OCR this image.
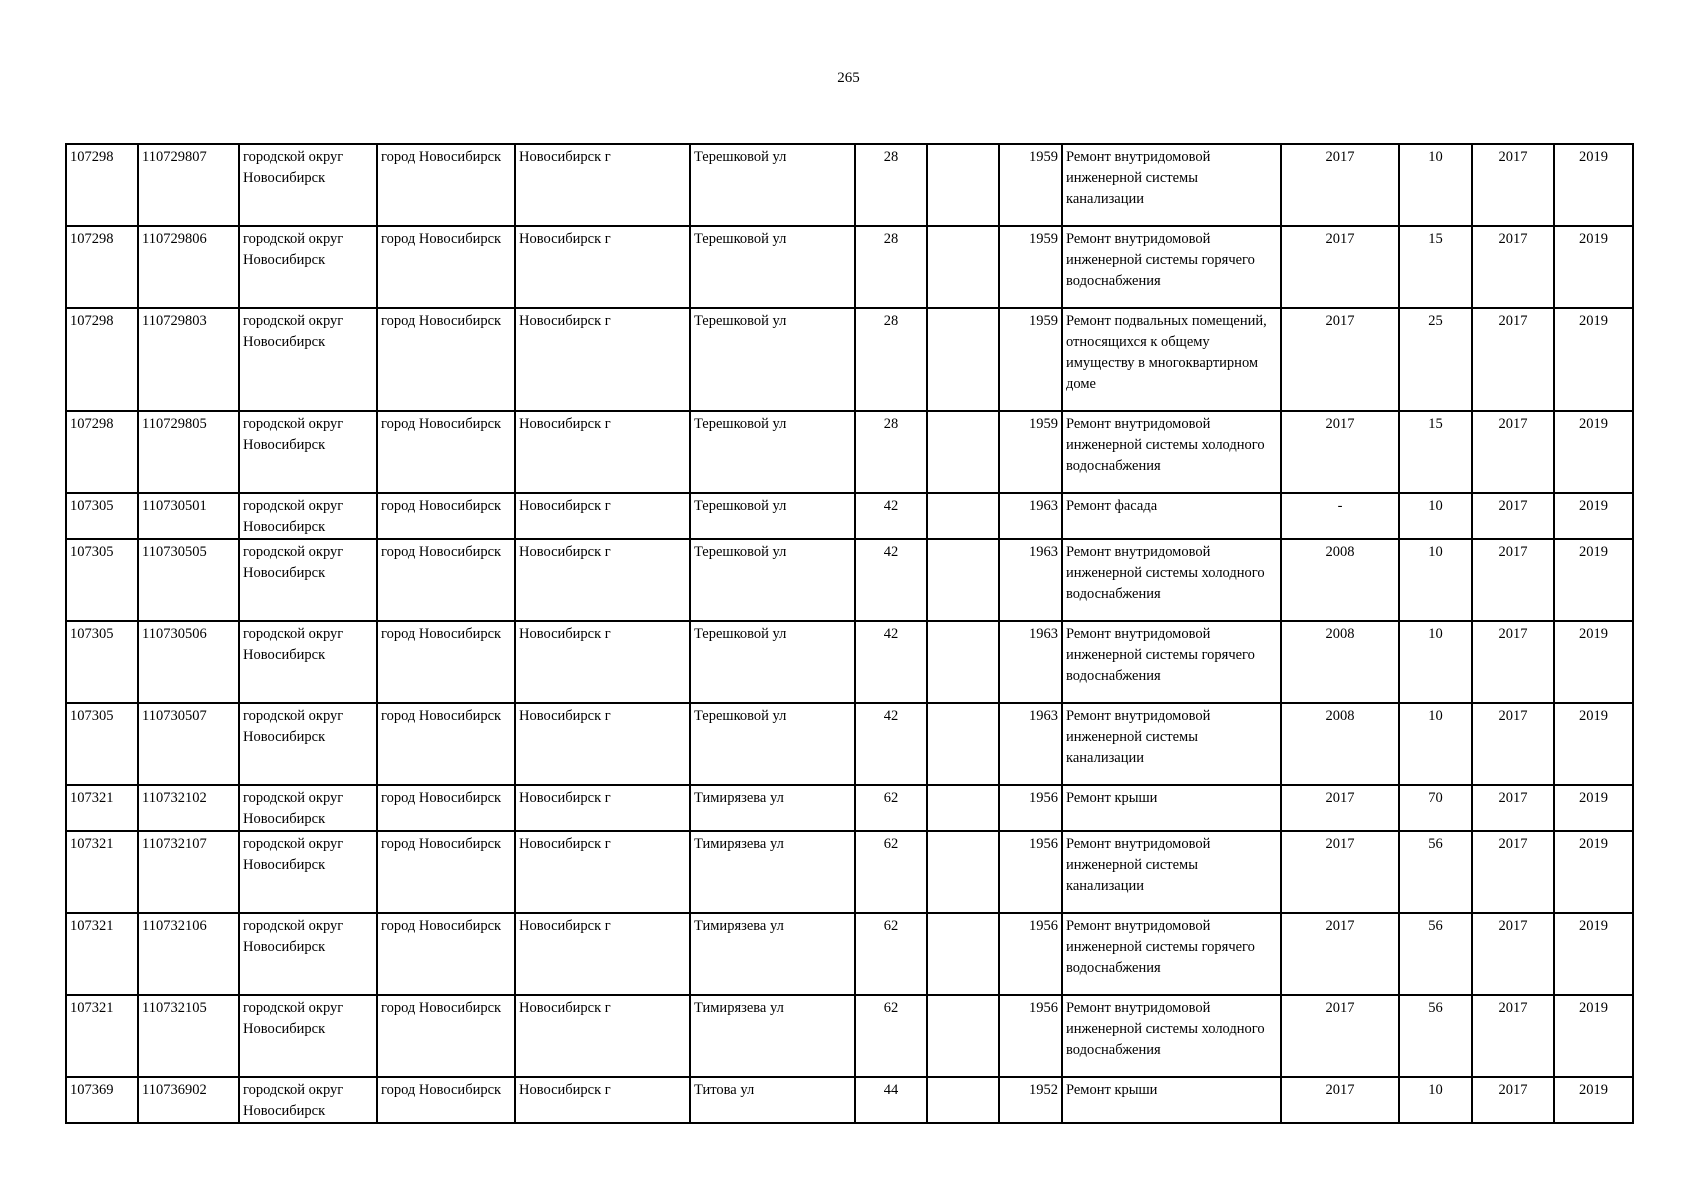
265
107298	110729807	городской округ Новосибирск	город Новосибирск	Новосибирск г	Терешковой ул	28		1959	Ремонт внутридомовой инженерной системы канализации	2017	10	2017	2019
107298	110729806	городской округ Новосибирск	город Новосибирск	Новосибирск г	Терешковой ул	28		1959	Ремонт внутридомовой инженерной системы горячего водоснабжения	2017	15	2017	2019
107298	110729803	городской округ Новосибирск	город Новосибирск	Новосибирск г	Терешковой ул	28		1959	Ремонт подвальных помещений, относящихся к общему имуществу в многоквартирном доме	2017	25	2017	2019
107298	110729805	городской округ Новосибирск	город Новосибирск	Новосибирск г	Терешковой ул	28		1959	Ремонт внутридомовой инженерной системы холодного водоснабжения	2017	15	2017	2019
107305	110730501	городской округ Новосибирск	город Новосибирск	Новосибирск г	Терешковой ул	42		1963	Ремонт фасада	-	10	2017	2019
107305	110730505	городской округ Новосибирск	город Новосибирск	Новосибирск г	Терешковой ул	42		1963	Ремонт внутридомовой инженерной системы холодного водоснабжения	2008	10	2017	2019
107305	110730506	городской округ Новосибирск	город Новосибирск	Новосибирск г	Терешковой ул	42		1963	Ремонт внутридомовой инженерной системы горячего водоснабжения	2008	10	2017	2019
107305	110730507	городской округ Новосибирск	город Новосибирск	Новосибирск г	Терешковой ул	42		1963	Ремонт внутридомовой инженерной системы канализации	2008	10	2017	2019
107321	110732102	городской округ Новосибирск	город Новосибирск	Новосибирск г	Тимирязева ул	62		1956	Ремонт крыши	2017	70	2017	2019
107321	110732107	городской округ Новосибирск	город Новосибирск	Новосибирск г	Тимирязева ул	62		1956	Ремонт внутридомовой инженерной системы канализации	2017	56	2017	2019
107321	110732106	городской округ Новосибирск	город Новосибирск	Новосибирск г	Тимирязева ул	62		1956	Ремонт внутридомовой инженерной системы горячего водоснабжения	2017	56	2017	2019
107321	110732105	городской округ Новосибирск	город Новосибирск	Новосибирск г	Тимирязева ул	62		1956	Ремонт внутридомовой инженерной системы холодного водоснабжения	2017	56	2017	2019
107369	110736902	городской округ Новосибирск	город Новосибирск	Новосибирск г	Титова ул	44		1952	Ремонт крыши	2017	10	2017	2019
